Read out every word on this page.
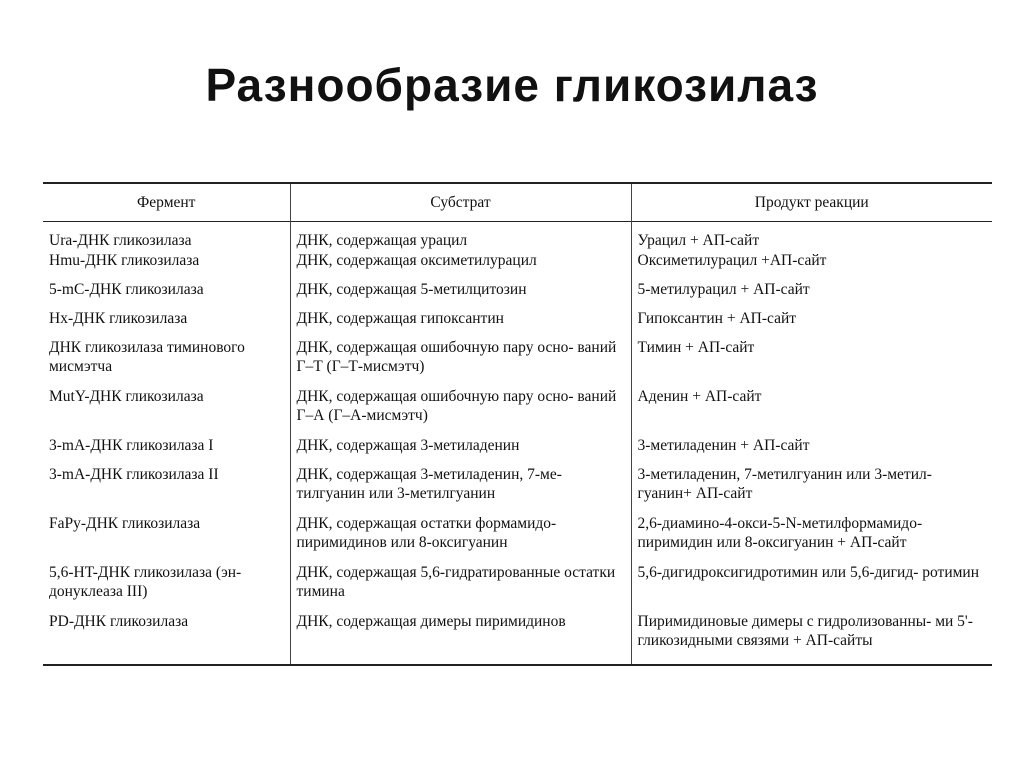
Разнообразие гликозилаз
Фермент	Субстрат	Продукт реакции
Ura-ДНК гликозилаза	ДНК, содержащая урацил	Урацил + АП-сайт
Hmu-ДНК гликозилаза	ДНК, содержащая оксиметилурацил	Оксиметилурацил +АП-сайт
5-mC-ДНК гликозилаза	ДНК, содержащая 5-метилцитозин	5-метилурацил + АП-сайт
Hx-ДНК гликозилаза	ДНК, содержащая гипоксантин	Гипоксантин + АП-сайт
ДНК гликозилаза тиминового мисмэтча	ДНК, содержащая ошибочную пару осно- ваний Г–Т (Г–Т-мисмэтч)	Тимин + АП-сайт
MutY-ДНК гликозилаза	ДНК, содержащая ошибочную пару осно- ваний Г–А (Г–А-мисмэтч)	Аденин + АП-сайт
3-mA-ДНК гликозилаза I	ДНК, содержащая 3-метиладенин	3-метиладенин + АП-сайт
3-mA-ДНК гликозилаза II	ДНК, содержащая 3-метиладенин, 7-ме- тилгуанин или 3-метилгуанин	3-метиладенин, 7-метилгуанин или 3-метил- гуанин+ АП-сайт
FaPy-ДНК гликозилаза	ДНК, содержащая остатки формамидо- пиримидинов или 8-оксигуанин	2,6-диамино-4-окси-5-N-метилформамидо- пиримидин или 8-оксигуанин + АП-сайт
5,6-HT-ДНК гликозилаза (эн- донуклеаза III)	ДНК, содержащая 5,6-гидратированные остатки тимина	5,6-дигидроксигидротимин или 5,6-дигид- ротимин
PD-ДНК гликозилаза	ДНК, содержащая димеры пиримидинов	Пиримидиновые димеры с гидролизованны- ми 5'-гликозидными связями + АП-сайты
